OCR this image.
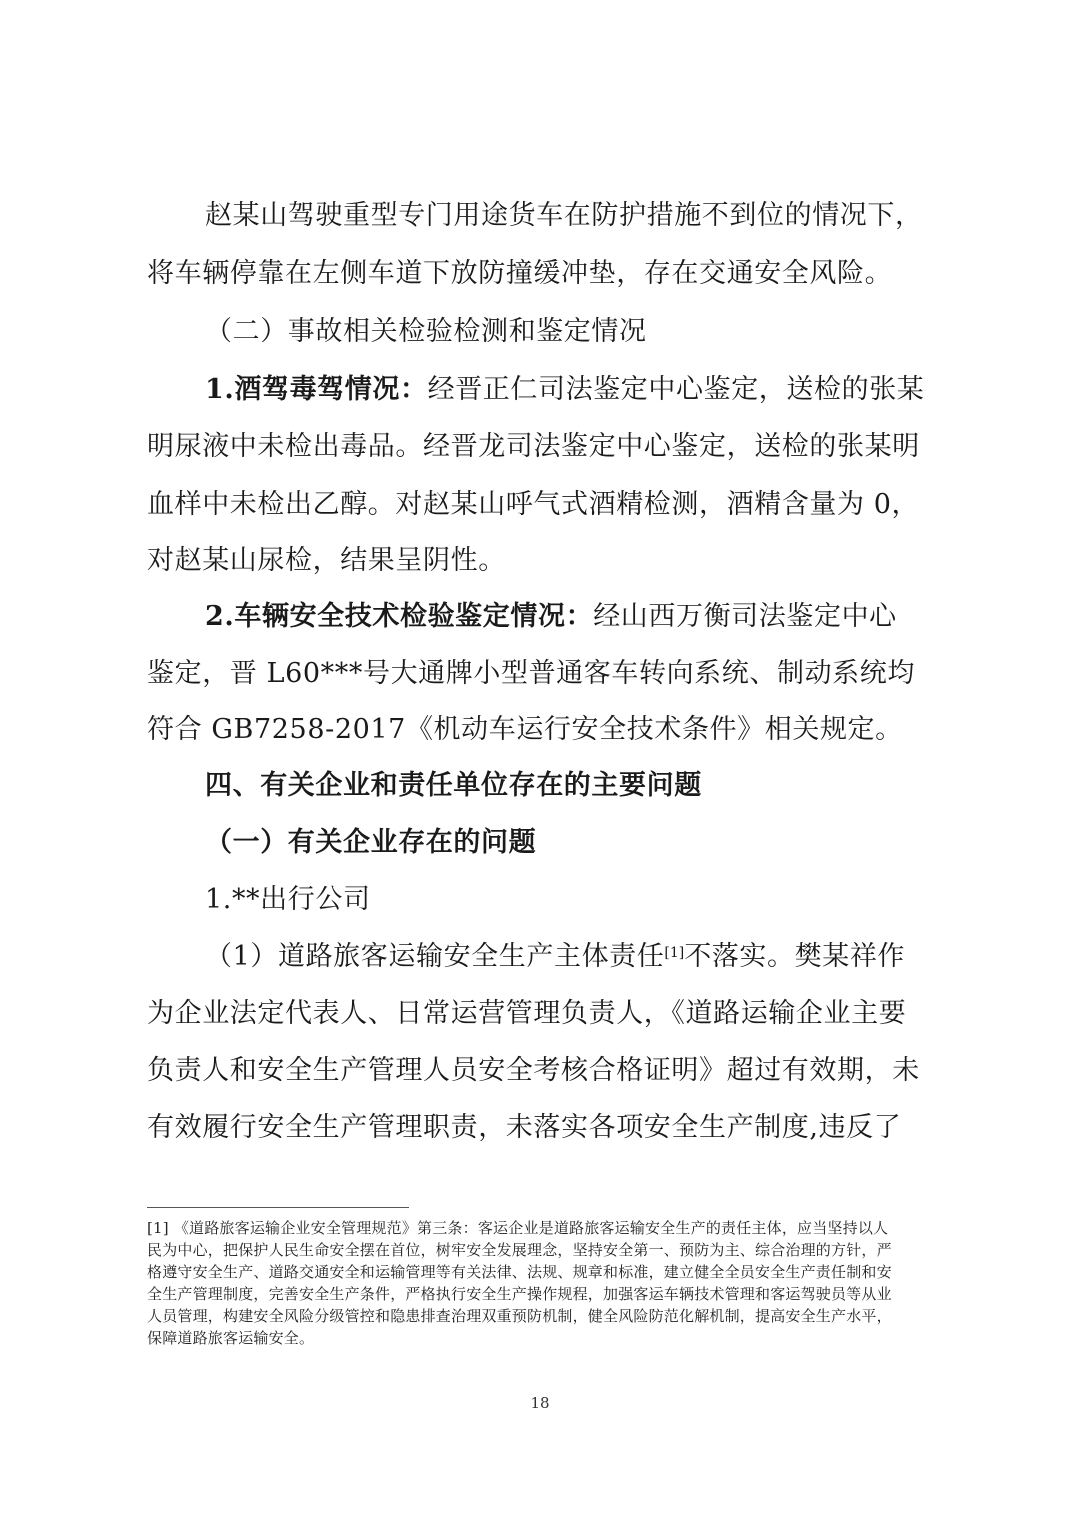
赵某山驾驶重型专门用途货车在防护措施不到位的情况下，
将车辆停靠在左侧车道下放防撞缓冲垫，存在交通安全风险。
（二）事故相关检验检测和鉴定情况
1.酒驾毒驾情况：经晋正仁司法鉴定中心鉴定，送检的张某
明尿液中未检出毒品。经晋龙司法鉴定中心鉴定，送检的张某明
血样中未检出乙醇。对赵某山呼气式酒精检测，酒精含量为 0，
对赵某山尿检，结果呈阴性。
2.车辆安全技术检验鉴定情况：经山西万衡司法鉴定中心
鉴定，晋 L60***号大通牌小型普通客车转向系统、制动系统均
符合 GB7258-2017《机动车运行安全技术条件》相关规定。
四、有关企业和责任单位存在的主要问题
（一）有关企业存在的问题
1.**出行公司
（1）道路旅客运输安全生产主体责任[1]不落实。樊某祥作
为企业法定代表人、日常运营管理负责人，《道路运输企业主要
负责人和安全生产管理人员安全考核合格证明》超过有效期，未
有效履行安全生产管理职责，未落实各项安全生产制度,违反了
[1] 《道路旅客运输企业安全管理规范》第三条：客运企业是道路旅客运输安全生产的责任主体，应当坚持以人
民为中心，把保护人民生命安全摆在首位，树牢安全发展理念，坚持安全第一、预防为主、综合治理的方针，严
格遵守安全生产、道路交通安全和运输管理等有关法律、法规、规章和标准，建立健全全员安全生产责任制和安
全生产管理制度，完善安全生产条件，严格执行安全生产操作规程，加强客运车辆技术管理和客运驾驶员等从业
人员管理，构建安全风险分级管控和隐患排查治理双重预防机制，健全风险防范化解机制，提高安全生产水平，
保障道路旅客运输安全。
18
